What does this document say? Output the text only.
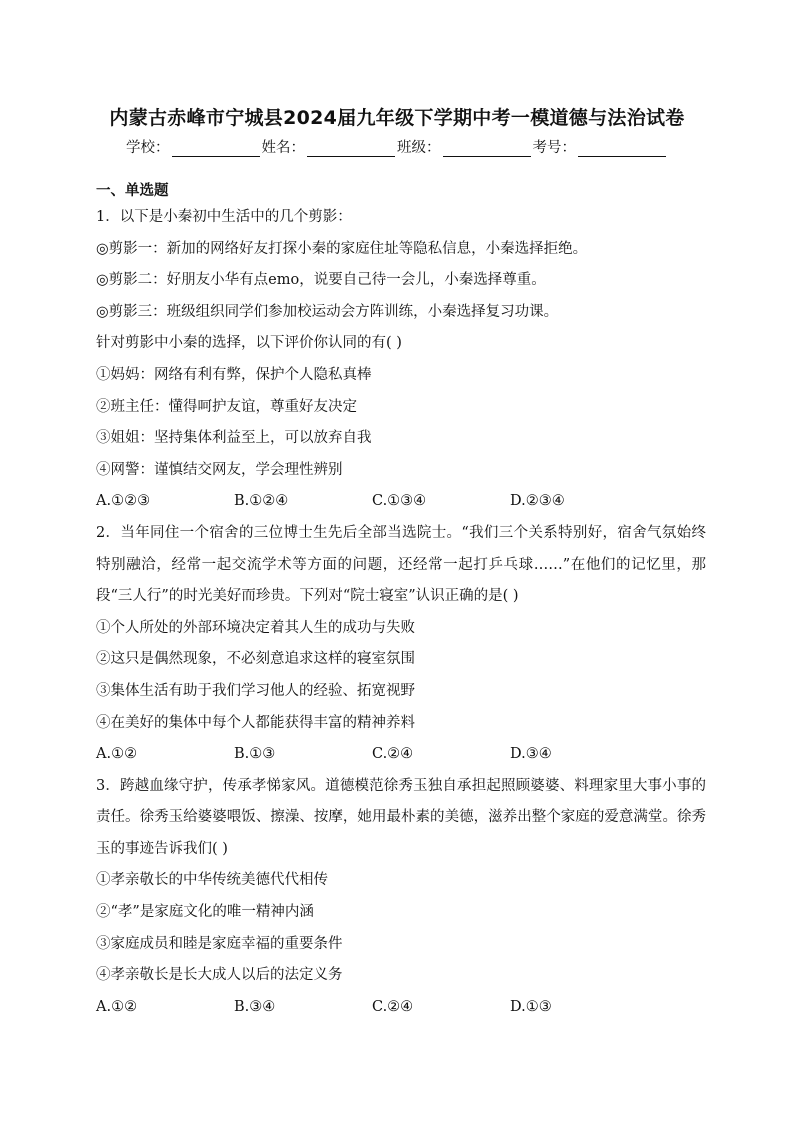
内蒙古赤峰市宁城县2024届九年级下学期中考一模道德与法治试卷
学校：	姓名：	班级：	考号：
一、单选题
1．以下是小秦初中生活中的几个剪影：
◎剪影一：新加的网络好友打探小秦的家庭住址等隐私信息，小秦选择拒绝。
◎剪影二：好朋友小华有点emo，说要自己待一会儿，小秦选择尊重。
◎剪影三：班级组织同学们参加校运动会方阵训练，小秦选择复习功课。
针对剪影中小秦的选择，以下评价你认同的有( )
①妈妈：网络有利有弊，保护个人隐私真棒
②班主任：懂得呵护友谊，尊重好友决定
③姐姐：坚持集体利益至上，可以放弃自我
④网警：谨慎结交网友，学会理性辨别
A.①②③	B.①②④	C.①③④	D.②③④
2．当年同住一个宿舍的三位博士生先后全部当选院士。“我们三个关系特别好，宿舍气氛始终特别融洽，经常一起交流学术等方面的问题，还经常一起打乒乓球……”在他们的记忆里，那段“三人行”的时光美好而珍贵。下列对“院士寝室”认识正确的是( )
①个人所处的外部环境决定着其人生的成功与失败
②这只是偶然现象，不必刻意追求这样的寝室氛围
③集体生活有助于我们学习他人的经验、拓宽视野
④在美好的集体中每个人都能获得丰富的精神养料
A.①②	B.①③	C.②④	D.③④
3．跨越血缘守护，传承孝悌家风。道德模范徐秀玉独自承担起照顾婆婆、料理家里大事小事的责任。徐秀玉给婆婆喂饭、擦澡、按摩，她用最朴素的美德，滋养出整个家庭的爱意满堂。徐秀玉的事迹告诉我们( )
①孝亲敬长的中华传统美德代代相传
②“孝”是家庭文化的唯一精神内涵
③家庭成员和睦是家庭幸福的重要条件
④孝亲敬长是长大成人以后的法定义务
A.①②	B.③④	C.②④	D.①③
